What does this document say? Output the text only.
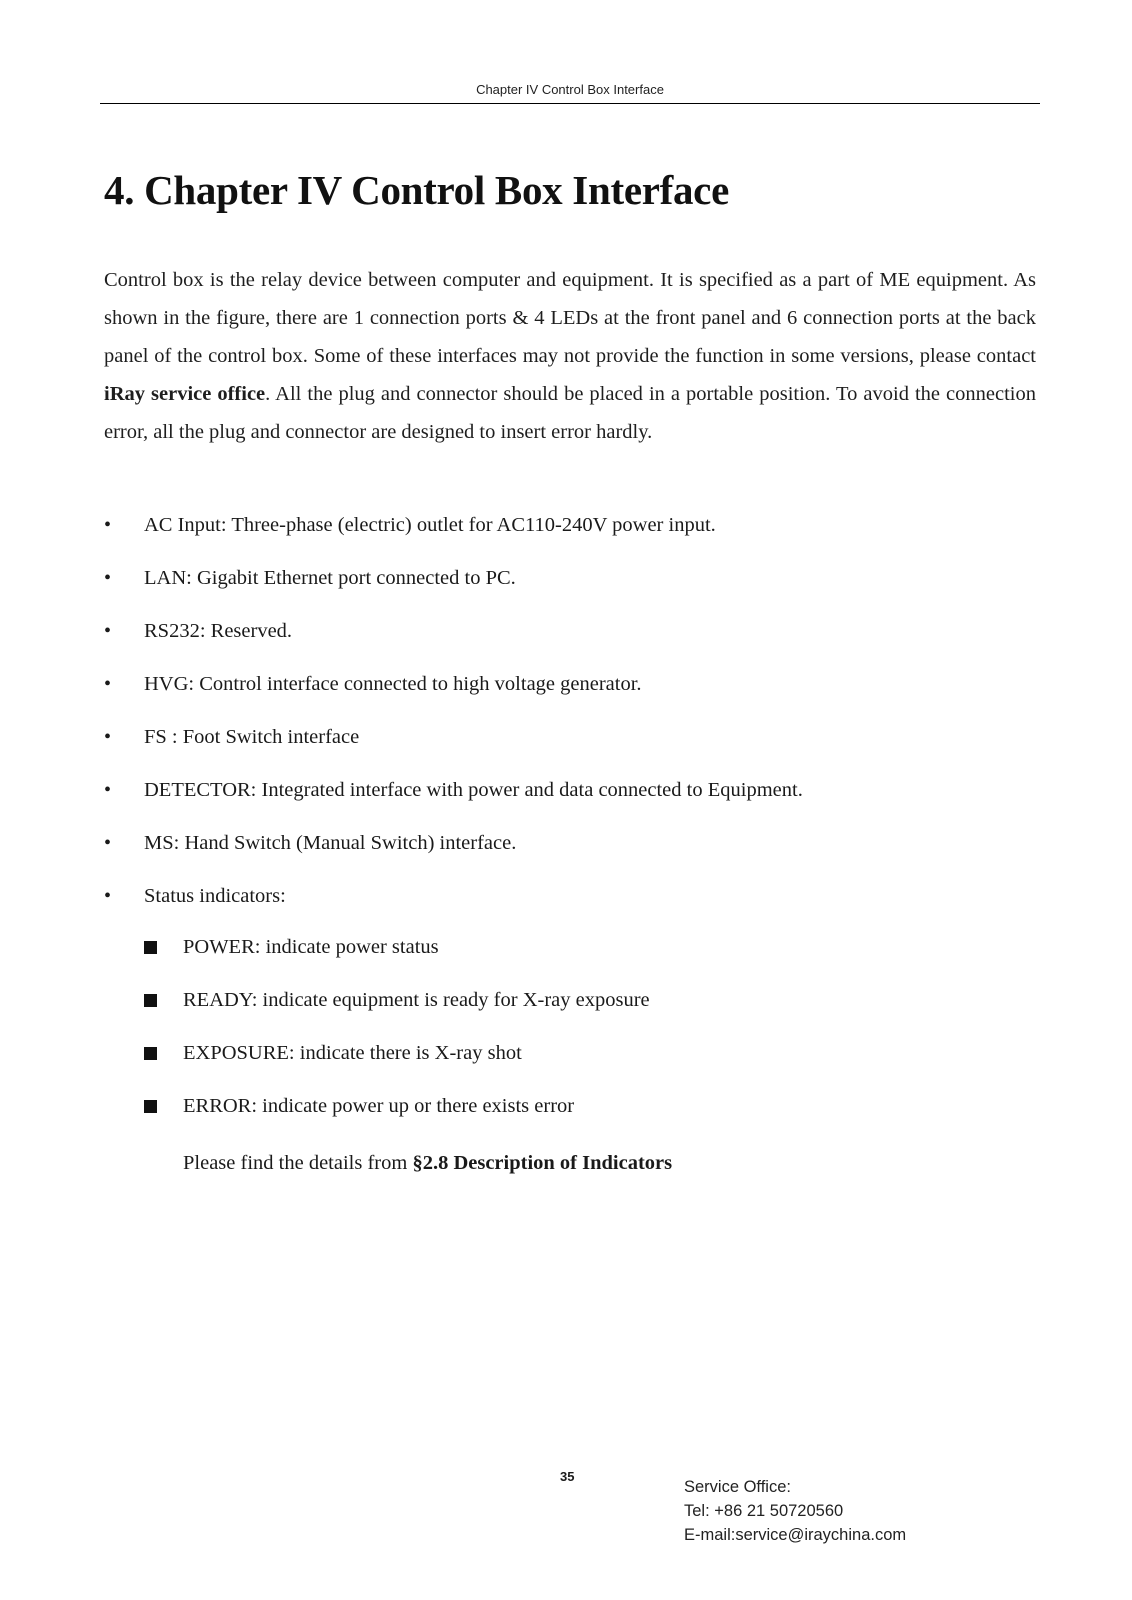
Chapter IV Control Box Interface
4. Chapter IV Control Box Interface

Control box is the relay device between computer and equipment. It is specified as a part of ME equipment. As shown in the figure, there are 1 connection ports & 4 LEDs at the front panel and 6 connection ports at the back panel of the control box. Some of these interfaces may not provide the function in some versions, please contact iRay service office. All the plug and connector should be placed in a portable position. To avoid the connection error, all the plug and connector are designed to insert error hardly.

•	AC Input: Three-phase (electric) outlet for AC110-240V power input.
•	LAN: Gigabit Ethernet port connected to PC.
•	RS232: Reserved.
•	HVG: Control interface connected to high voltage generator.
•	FS : Foot Switch interface
•	DETECTOR: Integrated interface with power and data connected to Equipment.
•	MS: Hand Switch (Manual Switch) interface.
•	Status indicators:
POWER: indicate power status
READY: indicate equipment is ready for X-ray exposure
EXPOSURE: indicate there is X-ray shot
ERROR: indicate power up or there exists error

Please find the details from §2.8 Description of Indicators

35
Service Office:
Tel: +86 21 50720560
E-mail:service@iraychina.com
